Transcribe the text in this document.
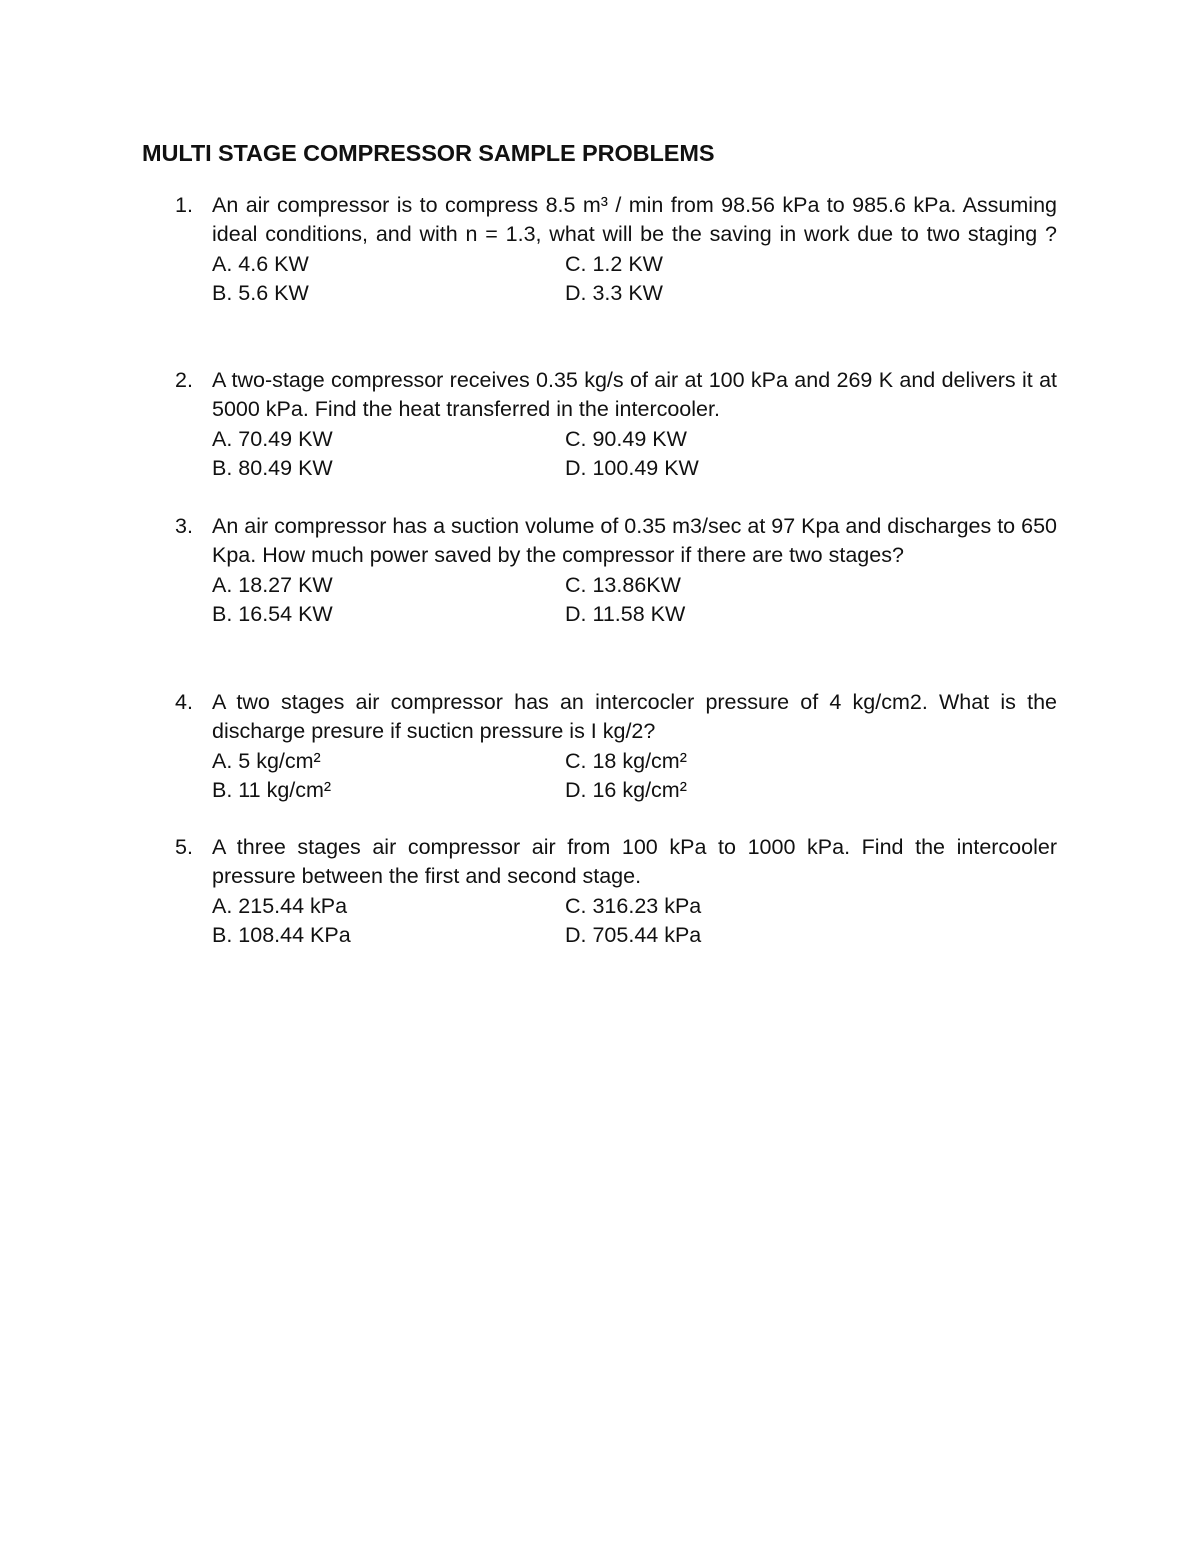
MULTI STAGE COMPRESSOR SAMPLE PROBLEMS
1. An air compressor is to compress 8.5 m³ / min from 98.56 kPa to 985.6 kPa. Assuming ideal conditions, and with n = 1.3, what will be the saving in work due to two staging ?
A. 4.6 KW	C. 1.2 KW
B. 5.6 KW	D. 3.3 KW
2. A two-stage compressor receives 0.35 kg/s of air at 100 kPa and 269 K and delivers it at 5000 kPa. Find the heat transferred in the intercooler.
A. 70.49 KW	C. 90.49 KW
B. 80.49 KW	D. 100.49 KW
3. An air compressor has a suction volume of 0.35 m3/sec at 97 Kpa and discharges to 650 Kpa. How much power saved by the compressor if there are two stages?
A. 18.27 KW	C. 13.86KW
B. 16.54 KW	D. 11.58 KW
4. A two stages air compressor has an intercocler pressure of 4 kg/cm2. What is the discharge presure if sucticn pressure is I kg/2?
A. 5 kg/cm²	C. 18 kg/cm²
B. 11 kg/cm²	D. 16 kg/cm²
5. A three stages air compressor air from 100 kPa to 1000 kPa. Find the intercooler pressure between the first and second stage.
A. 215.44 kPa	C. 316.23 kPa
B. 108.44 KPa	D. 705.44 kPa
